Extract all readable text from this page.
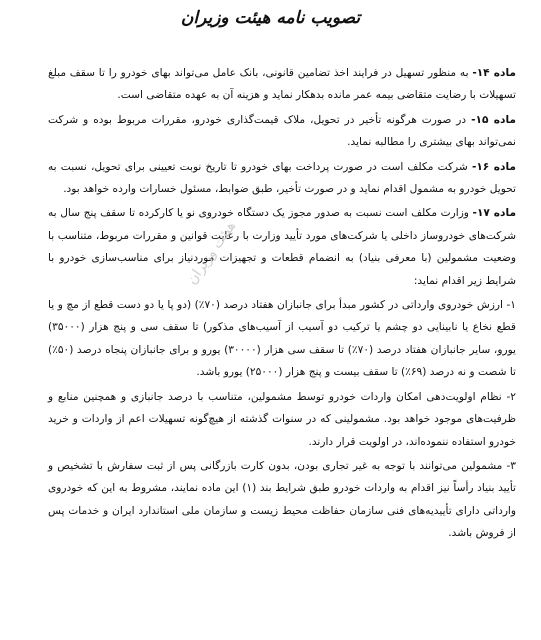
تصویب نامه هیئت وزیران

ماده ۱۴- به منظور تسهیل در فرایند اخذ تضامین قانونی، بانک عامل می‌تواند بهای خودرو را تا سقف مبلغ تسهیلات با رضایت متقاضی بیمه عمر مانده بدهکار نماید و هزینه آن به عهده متقاضی است.

ماده ۱۵- در صورت هرگونه تأخیر در تحویل، ملاک قیمت‌گذاری خودرو، مقررات مربوط بوده و شرکت نمی‌تواند بهای بیشتری را مطالبه نماید.

ماده ۱۶- شرکت مکلف است در صورت پرداخت بهای خودرو تا تاریخ نوبت تعیینی برای تحویل، نسبت به تحویل خودرو به مشمول اقدام نماید و در صورت تأخیر، طبق ضوابط، مسئول خسارات وارده خواهد بود.

ماده ۱۷- وزارت مکلف است نسبت به صدور مجوز یک دستگاه خودروی نو یا کارکرده تا سقف پنج سال به شرکت‌های خودروساز داخلی یا شرکت‌های مورد تأیید وزارت با رعایت قوانین و مقررات مربوط، متناسب با وضعیت مشمولین (با معرفی بنیاد) به انضمام قطعات و تجهیزات موردنیاز برای مناسب‌سازی خودرو با شرایط زیر اقدام نماید:

۱- ارزش خودروی وارداتی در کشور مبدأ برای جانبازان هفتاد درصد (۷۰٪) (دو پا یا دو دست قطع از مچ و یا قطع نخاع یا نابینایی دو چشم یا ترکیب دو آسیب از آسیب‌های مذکور) تا سقف سی و پنج هزار (۳۵۰۰۰) یورو، سایر جانبازان هفتاد درصد (۷۰٪) تا سقف سی هزار (۳۰۰۰۰) یورو و برای جانبازان پنجاه درصد (۵۰٪) تا شصت و نه درصد (۶۹٪) تا سقف بیست و پنج هزار (۲۵۰۰۰) یورو باشد.

۲- نظام اولویت‌دهی امکان واردات خودرو توسط مشمولین، متناسب با درصد جانبازی و همچنین منابع و ظرفیت‌های موجود خواهد بود. مشمولینی که در سنوات گذشته از هیچ‌گونه تسهیلات اعم از واردات و خرید خودرو استفاده ننموده‌اند، در اولویت قرار دارند.

۳- مشمولین می‌توانند با توجه به غیر تجاری بودن، بدون کارت بازرگانی پس از ثبت سفارش با تشخیص و تأیید بنیاد رأساً نیز اقدام به واردات خودرو طبق شرایط بند (۱) این ماده نمایند، مشروط به این که خودروی وارداتی دارای تأییدیه‌های فنی سازمان حفاظت محیط زیست و سازمان ملی استاندارد ایران و خدمات پس از فروش باشد.

هیئت وزیران
